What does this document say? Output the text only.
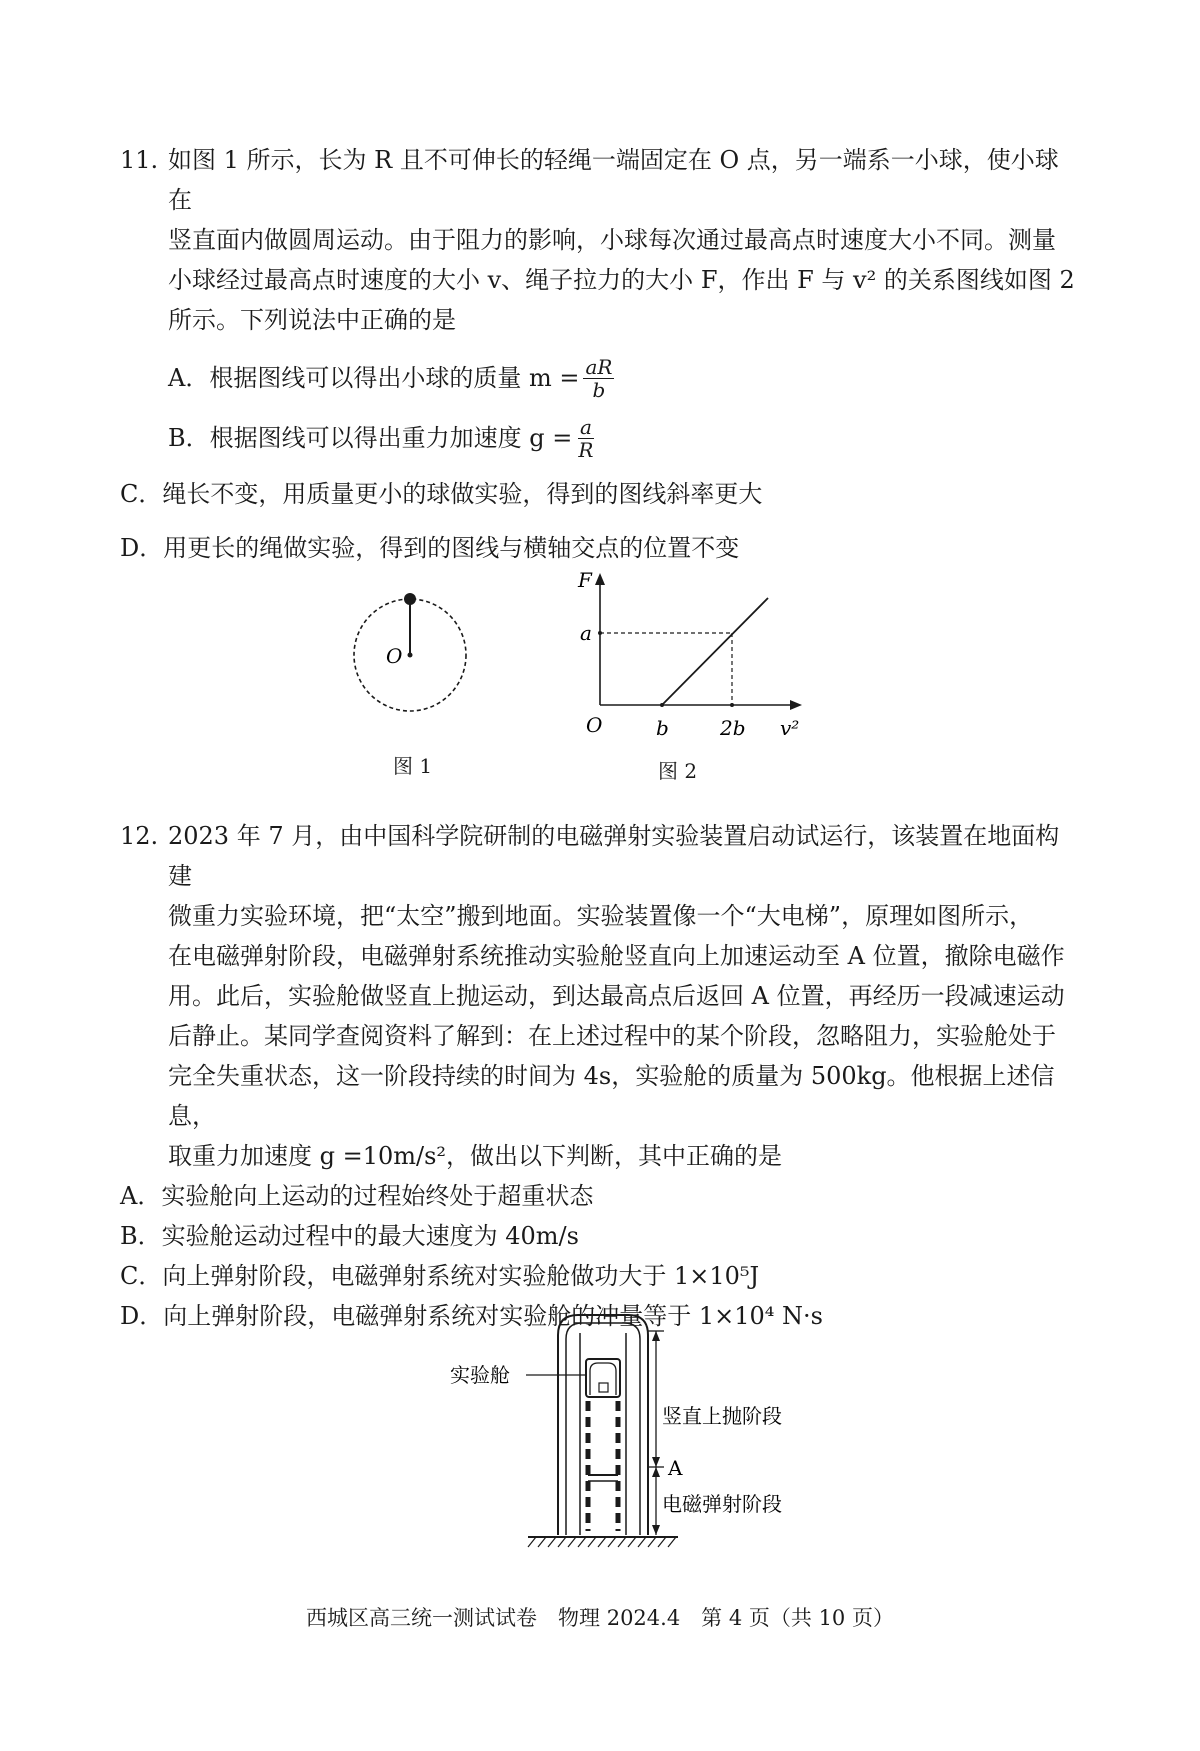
11. 如图 1 所示，长为 R 且不可伸长的轻绳一端固定在 O 点，另一端系一小球，使小球在

竖直面内做圆周运动。由于阻力的影响，小球每次通过最高点时速度大小不同。测量

小球经过最高点时速度的大小 v、绳子拉力的大小 F，作出 F 与 v² 的关系图线如图 2

所示。下列说法中正确的是

A．根据图线可以得出小球的质量 $m = \frac{aR}{b}$
B．根据图线可以得出重力加速度 $g = \frac{a}{R}$

C．绳长不变，用质量更小的球做实验，得到的图线斜率更大

D．用更长的绳做实验，得到的图线与横轴交点的位置不变

O
图 1
F
v²
O
a
b	2b
图 2
12. 2023 年 7 月，由中国科学院研制的电磁弹射实验装置启动试运行，该装置在地面构建

微重力实验环境，把“太空”搬到地面。实验装置像一个“大电梯”，原理如图所示，

在电磁弹射阶段，电磁弹射系统推动实验舱竖直向上加速运动至 A 位置，撤除电磁作

用。此后，实验舱做竖直上抛运动，到达最高点后返回 A 位置，再经历一段减速运动

后静止。某同学查阅资料了解到：在上述过程中的某个阶段，忽略阻力，实验舱处于

完全失重状态，这一阶段持续的时间为 4s，实验舱的质量为 500kg。他根据上述信息，

取重力加速度 g =10m/s²，做出以下判断，其中正确的是

A．实验舱向上运动的过程始终处于超重状态

B．实验舱运动过程中的最大速度为 40m/s

C．向上弹射阶段，电磁弹射系统对实验舱做功大于 1×10⁵J

D．向上弹射阶段，电磁弹射系统对实验舱的冲量等于 1×10⁴ N·s

实验舱
竖直上抛阶段
A
电磁弹射阶段
西城区高三统一测试试卷　物理 2024.4　第 4 页（共 10 页）
